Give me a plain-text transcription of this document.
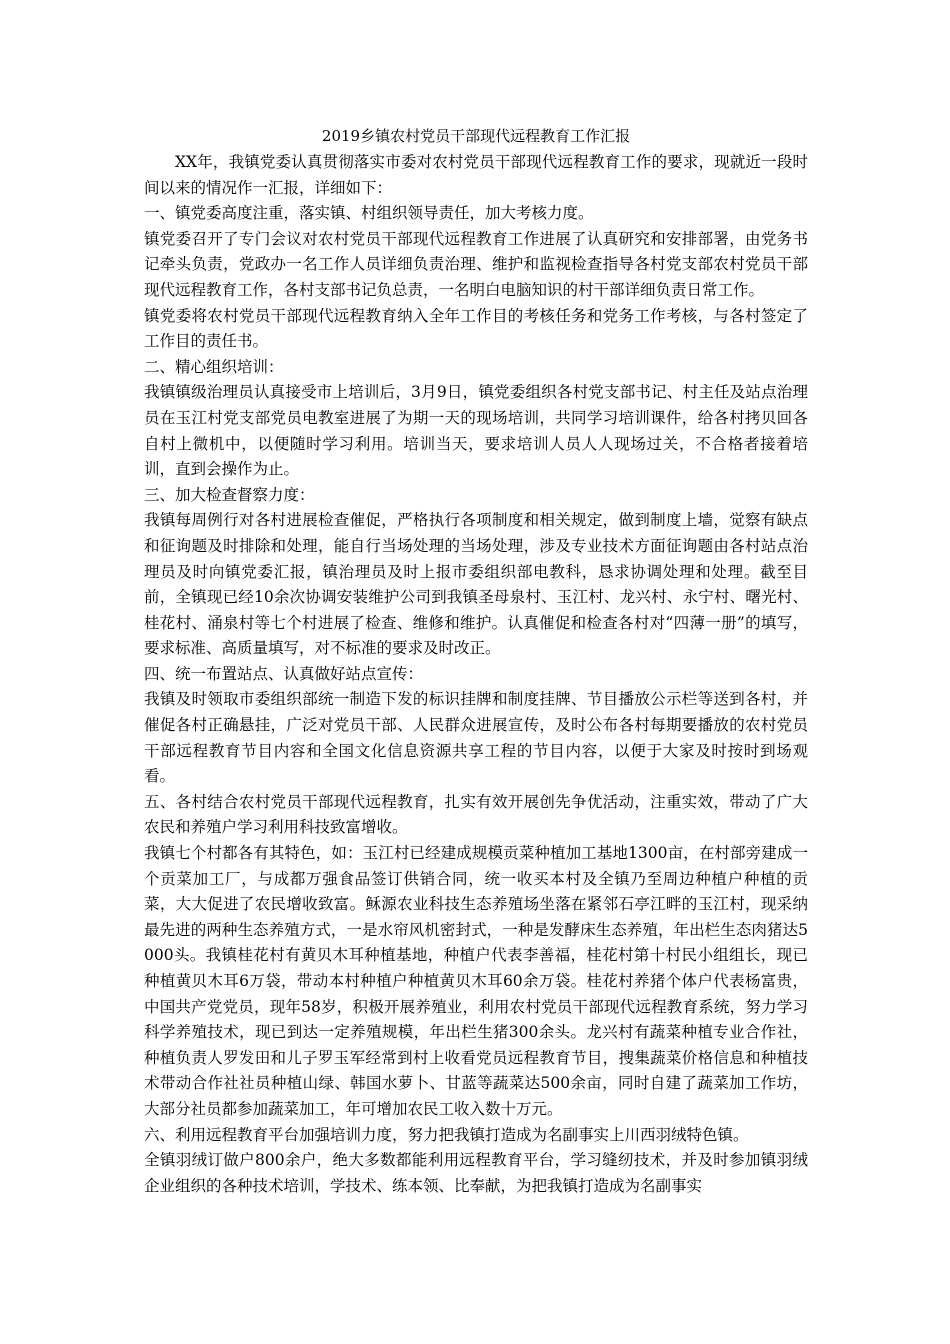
2019乡镇农村党员干部现代远程教育工作汇报

XX年，我镇党委认真贯彻落实市委对农村党员干部现代远程教育工作的要求，现就近一段时间以来的情况作一汇报，详细如下：

一、镇党委高度注重，落实镇、村组织领导责任，加大考核力度。

镇党委召开了专门会议对农村党员干部现代远程教育工作进展了认真研究和安排部署，由党务书记牵头负责，党政办一名工作人员详细负责治理、维护和监视检查指导各村党支部农村党员干部现代远程教育工作，各村支部书记负总责，一名明白电脑知识的村干部详细负责日常工作。

镇党委将农村党员干部现代远程教育纳入全年工作目的考核任务和党务工作考核，与各村签定了工作目的责任书。

二、精心组织培训：

我镇镇级治理员认真接受市上培训后，3月9日，镇党委组织各村党支部书记、村主任及站点治理员在玉江村党支部党员电教室进展了为期一天的现场培训，共同学习培训课件，给各村拷贝回各自村上微机中，以便随时学习利用。培训当天，要求培训人员人人现场过关，不合格者接着培训，直到会操作为止。

三、加大检查督察力度：

我镇每周例行对各村进展检查催促，严格执行各项制度和相关规定，做到制度上墙，觉察有缺点和征询题及时排除和处理，能自行当场处理的当场处理，涉及专业技术方面征询题由各村站点治理员及时向镇党委汇报，镇治理员及时上报市委组织部电教科，恳求协调处理和处理。截至目前，全镇现已经10余次协调安装维护公司到我镇圣母泉村、玉江村、龙兴村、永宁村、曙光村、桂花村、涌泉村等七个村进展了检查、维修和维护。认真催促和检查各村对“四薄一册”的填写，要求标准、高质量填写，对不标准的要求及时改正。

四、统一布置站点、认真做好站点宣传：

我镇及时领取市委组织部统一制造下发的标识挂牌和制度挂牌、节目播放公示栏等送到各村，并催促各村正确悬挂，广泛对党员干部、人民群众进展宣传，及时公布各村每期要播放的农村党员干部远程教育节目内容和全国文化信息资源共享工程的节目内容，以便于大家及时按时到场观看。

五、各村结合农村党员干部现代远程教育，扎实有效开展创先争优活动，注重实效，带动了广大农民和养殖户学习利用科技致富增收。

我镇七个村都各有其特色，如：玉江村已经建成规模贡菜种植加工基地1300亩，在村部旁建成一个贡菜加工厂，与成都万强食品签订供销合同，统一收买本村及全镇乃至周边种植户种植的贡菜，大大促进了农民增收致富。稣源农业科技生态养殖场坐落在紧邻石亭江畔的玉江村，现采纳最先进的两种生态养殖方式，一是水帘风机密封式，一种是发酵床生态养殖，年出栏生态肉猪达5000头。我镇桂花村有黄贝木耳种植基地，种植户代表李善福，桂花村第十村民小组组长，现已种植黄贝木耳6万袋，带动本村种植户种植黄贝木耳60余万袋。桂花村养猪个体户代表杨富贵，中国共产党党员，现年58岁，积极开展养殖业，利用农村党员干部现代远程教育系统，努力学习科学养殖技术，现已到达一定养殖规模，年出栏生猪300余头。龙兴村有蔬菜种植专业合作社，种植负责人罗发田和儿子罗玉军经常到村上收看党员远程教育节目，搜集蔬菜价格信息和种植技术带动合作社社员种植山绿、韩国水萝卜、甘蓝等蔬菜达500余亩，同时自建了蔬菜加工作坊，大部分社员都参加蔬菜加工，年可增加农民工收入数十万元。

六、利用远程教育平台加强培训力度，努力把我镇打造成为名副事实上川西羽绒特色镇。

全镇羽绒订做户800余户，绝大多数都能利用远程教育平台，学习缝纫技术，并及时参加镇羽绒企业组织的各种技术培训，学技术、练本领、比奉献，为把我镇打造成为名副事实
